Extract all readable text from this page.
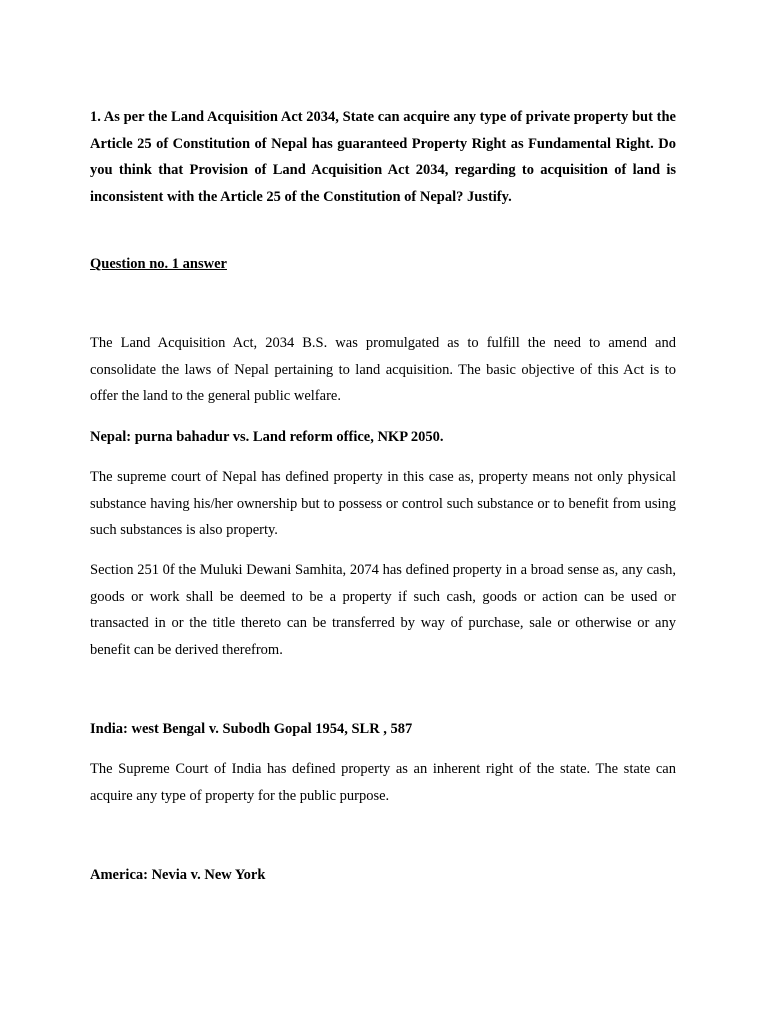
1. As per the Land Acquisition Act 2034, State can acquire any type of private property but the Article 25 of Constitution of Nepal has guaranteed Property Right as Fundamental Right. Do you think that Provision of Land Acquisition Act 2034, regarding to acquisition of land is inconsistent with the Article 25 of the Constitution of Nepal? Justify.

Question no. 1 answer

The Land Acquisition Act, 2034 B.S. was promulgated as to fulfill the need to amend and consolidate the laws of Nepal pertaining to land acquisition. The basic objective of this Act is to offer the land to the general public welfare.

Nepal: purna bahadur vs. Land reform office, NKP 2050.

The supreme court of Nepal has defined property in this case as, property means not only physical substance having his/her ownership but to possess or control such substance or to benefit from using such substances is also property.

Section 251 0f the Muluki Dewani Samhita, 2074 has defined property in a broad sense as, any cash, goods or work shall be deemed to be a property if such cash, goods or action can be used or transacted in or the title thereto can be transferred by way of purchase, sale or otherwise or any benefit can be derived therefrom.

India: west Bengal v. Subodh Gopal 1954, SLR , 587

The Supreme Court of India has defined property as an inherent right of the state. The state can acquire any type of property for the public purpose.

America: Nevia v. New York
